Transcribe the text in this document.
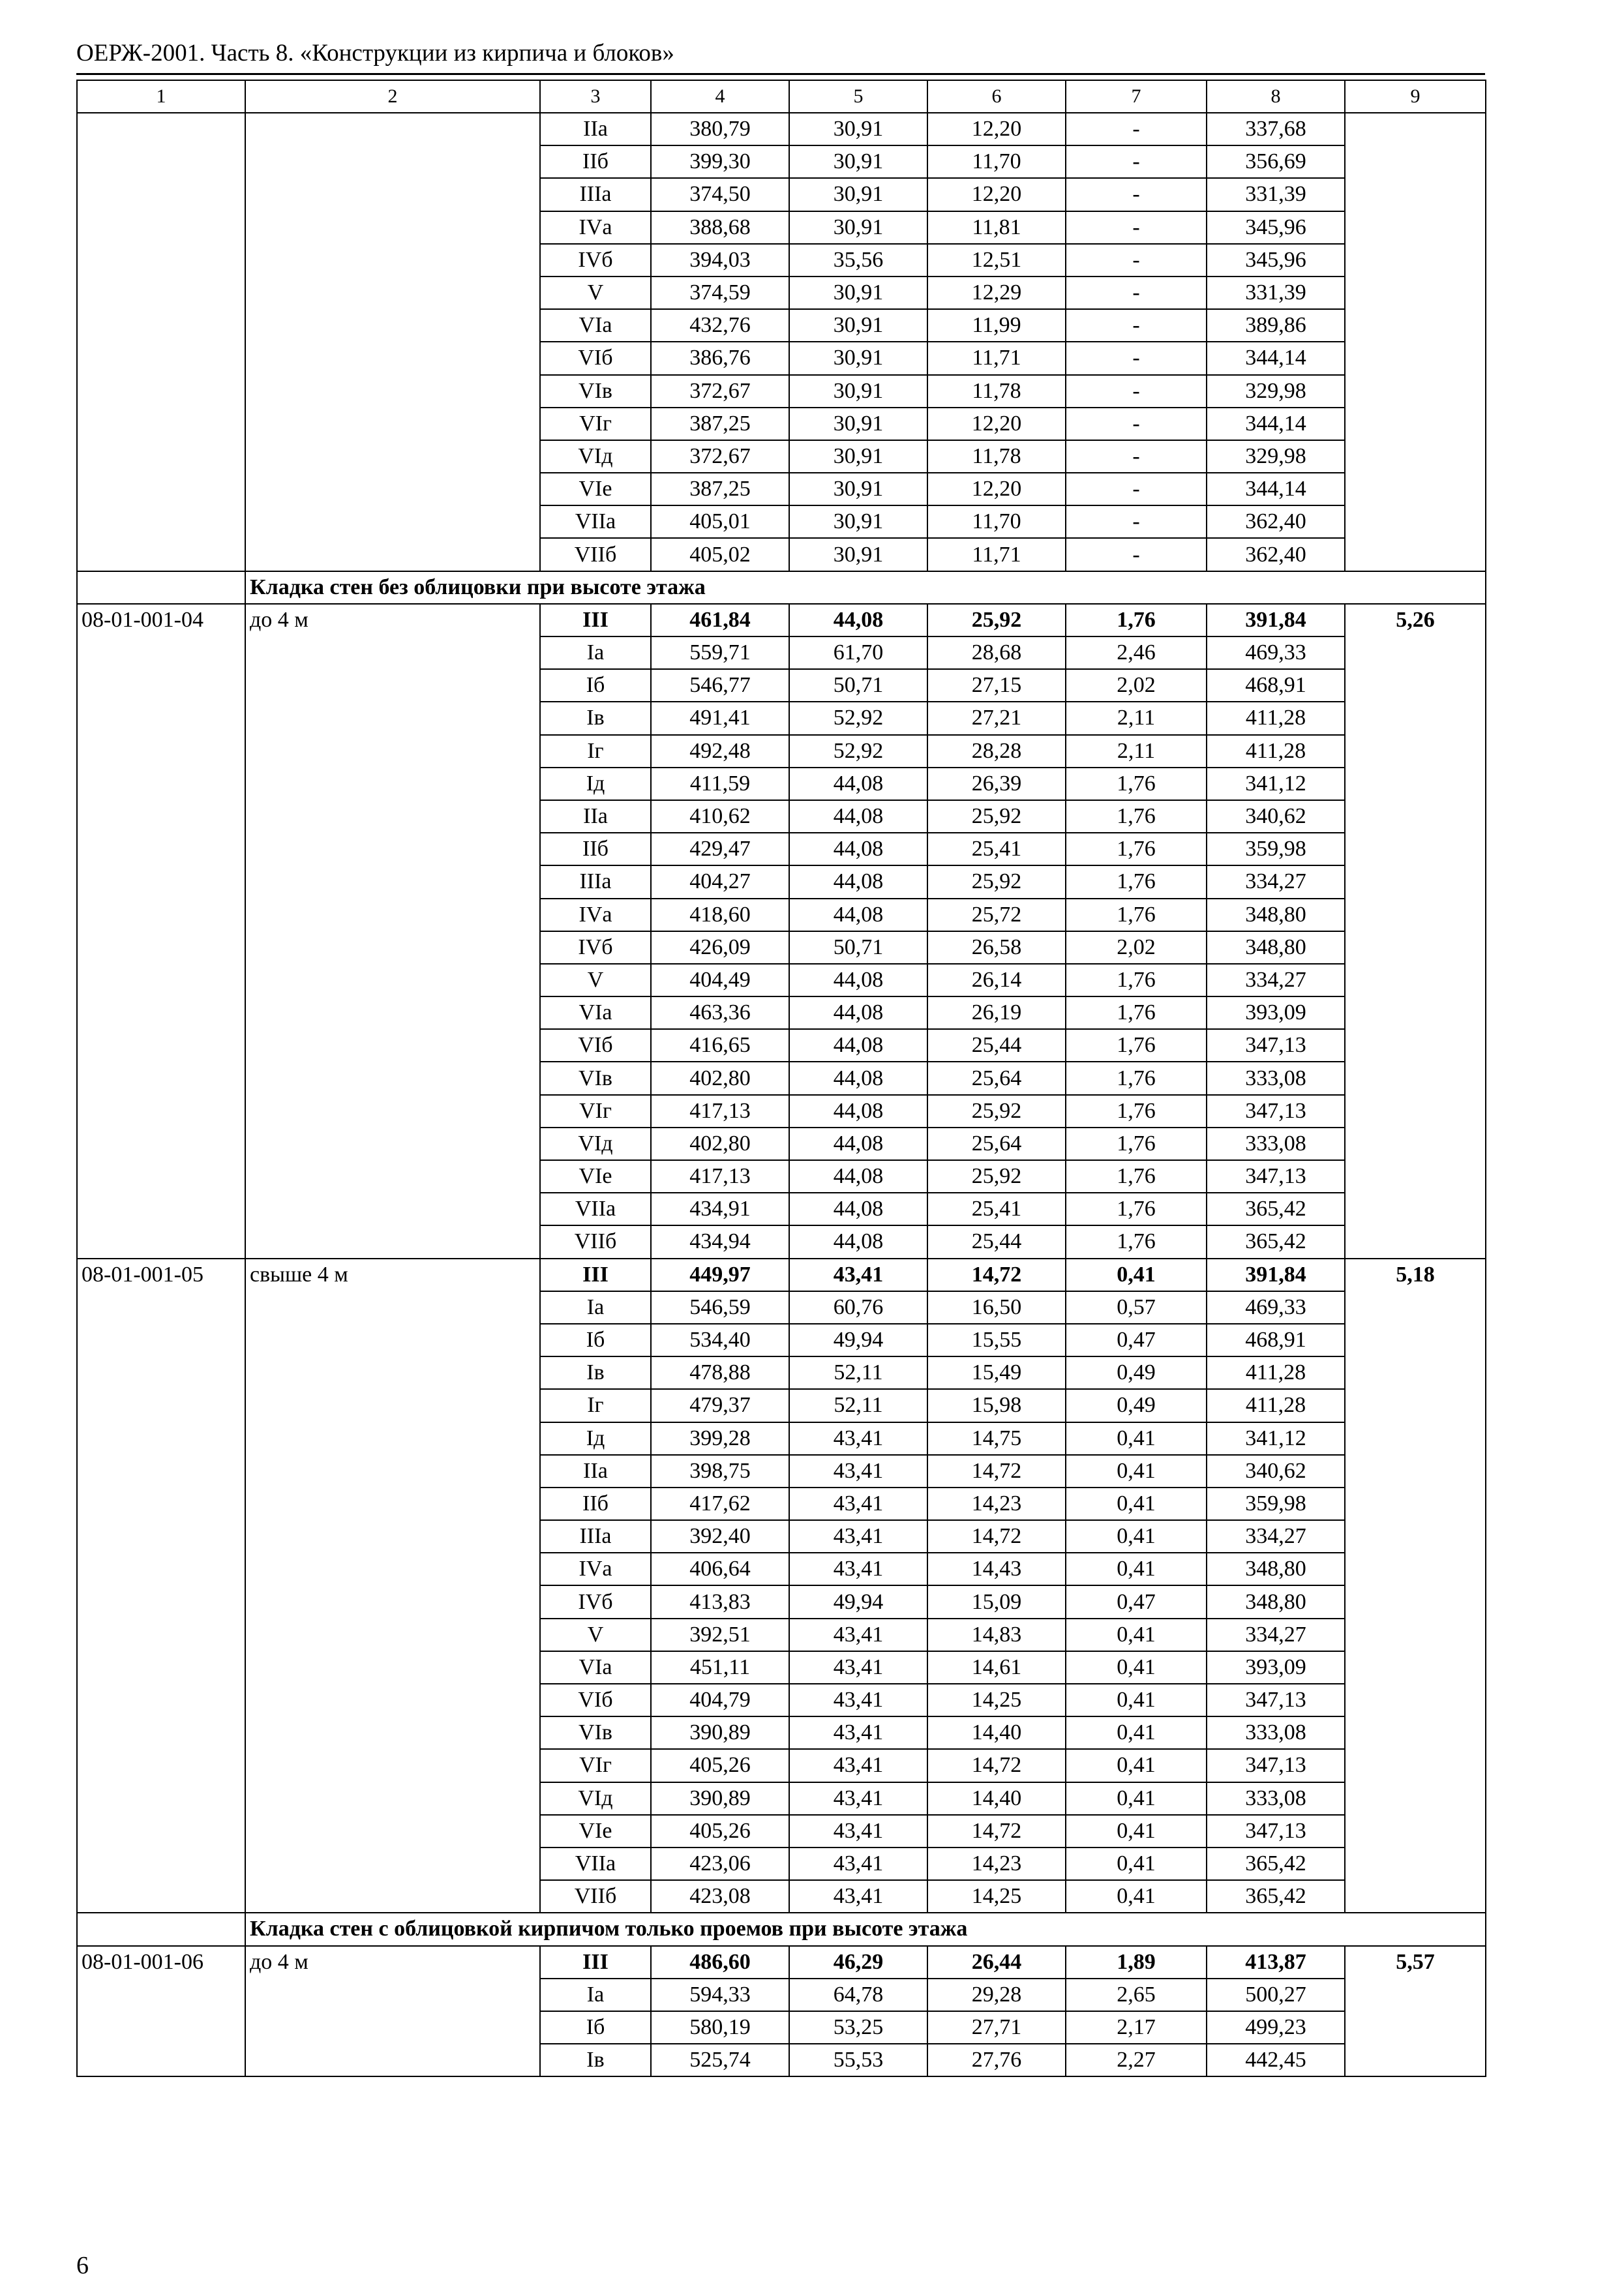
ОЕРЖ-2001. Часть 8. «Конструкции из кирпича и блоков»
1	2	3	4	5	6	7	8	9
		IIа	380,79	30,91	12,20	-	337,68	
		IIб	399,30	30,91	11,70	-	356,69	
		IIIа	374,50	30,91	12,20	-	331,39	
		IVа	388,68	30,91	11,81	-	345,96	
		IVб	394,03	35,56	12,51	-	345,96	
		V	374,59	30,91	12,29	-	331,39	
		VIа	432,76	30,91	11,99	-	389,86	
		VIб	386,76	30,91	11,71	-	344,14	
		VIв	372,67	30,91	11,78	-	329,98	
		VIг	387,25	30,91	12,20	-	344,14	
		VIд	372,67	30,91	11,78	-	329,98	
		VIе	387,25	30,91	12,20	-	344,14	
		VIIа	405,01	30,91	11,70	-	362,40	
		VIIб	405,02	30,91	11,71	-	362,40	
	Кладка стен без облицовки при высоте этажа							
08-01-001-04	до 4 м	III	461,84	44,08	25,92	1,76	391,84	5,26
		Iа	559,71	61,70	28,68	2,46	469,33	
		Iб	546,77	50,71	27,15	2,02	468,91	
		Iв	491,41	52,92	27,21	2,11	411,28	
		Iг	492,48	52,92	28,28	2,11	411,28	
		Iд	411,59	44,08	26,39	1,76	341,12	
		IIа	410,62	44,08	25,92	1,76	340,62	
		IIб	429,47	44,08	25,41	1,76	359,98	
		IIIа	404,27	44,08	25,92	1,76	334,27	
		IVа	418,60	44,08	25,72	1,76	348,80	
		IVб	426,09	50,71	26,58	2,02	348,80	
		V	404,49	44,08	26,14	1,76	334,27	
		VIа	463,36	44,08	26,19	1,76	393,09	
		VIб	416,65	44,08	25,44	1,76	347,13	
		VIв	402,80	44,08	25,64	1,76	333,08	
		VIг	417,13	44,08	25,92	1,76	347,13	
		VIд	402,80	44,08	25,64	1,76	333,08	
		VIе	417,13	44,08	25,92	1,76	347,13	
		VIIа	434,91	44,08	25,41	1,76	365,42	
		VIIб	434,94	44,08	25,44	1,76	365,42	
08-01-001-05	свыше 4 м	III	449,97	43,41	14,72	0,41	391,84	5,18
		Iа	546,59	60,76	16,50	0,57	469,33	
		Iб	534,40	49,94	15,55	0,47	468,91	
		Iв	478,88	52,11	15,49	0,49	411,28	
		Iг	479,37	52,11	15,98	0,49	411,28	
		Iд	399,28	43,41	14,75	0,41	341,12	
		IIа	398,75	43,41	14,72	0,41	340,62	
		IIб	417,62	43,41	14,23	0,41	359,98	
		IIIа	392,40	43,41	14,72	0,41	334,27	
		IVа	406,64	43,41	14,43	0,41	348,80	
		IVб	413,83	49,94	15,09	0,47	348,80	
		V	392,51	43,41	14,83	0,41	334,27	
		VIа	451,11	43,41	14,61	0,41	393,09	
		VIб	404,79	43,41	14,25	0,41	347,13	
		VIв	390,89	43,41	14,40	0,41	333,08	
		VIг	405,26	43,41	14,72	0,41	347,13	
		VIд	390,89	43,41	14,40	0,41	333,08	
		VIе	405,26	43,41	14,72	0,41	347,13	
		VIIа	423,06	43,41	14,23	0,41	365,42	
		VIIб	423,08	43,41	14,25	0,41	365,42	
	Кладка стен с облицовкой кирпичом только проемов при высоте этажа							
08-01-001-06	до 4 м	III	486,60	46,29	26,44	1,89	413,87	5,57
		Iа	594,33	64,78	29,28	2,65	500,27	
		Iб	580,19	53,25	27,71	2,17	499,23	
		Iв	525,74	55,53	27,76	2,27	442,45	
6
